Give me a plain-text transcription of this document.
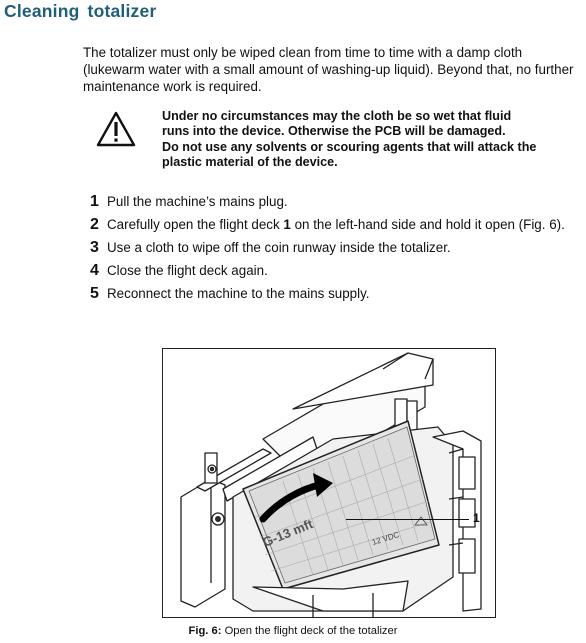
Cleaning totalizer

The totalizer must only be wiped clean from time to time with a damp cloth (lukewarm water with a small amount of washing-up liquid). Beyond that, no further maintenance work is required.

Under no circumstances may the cloth be so wet that fluid
runs into the device. Otherwise the PCB will be damaged.
Do not use any solvents or scouring agents that will attack the
plastic material of the device.
1 Pull the machine’s mains plug.
2 Carefully open the flight deck 1 on the left-hand side and hold it open (Fig. 6).
3 Use a cloth to wipe off the coin runway inside the totalizer.
4 Close the flight deck again.
5 Reconnect the machine to the mains supply.
G-13 mft	12 VDC
1
Fig. 6: Open the flight deck of the totalizer
